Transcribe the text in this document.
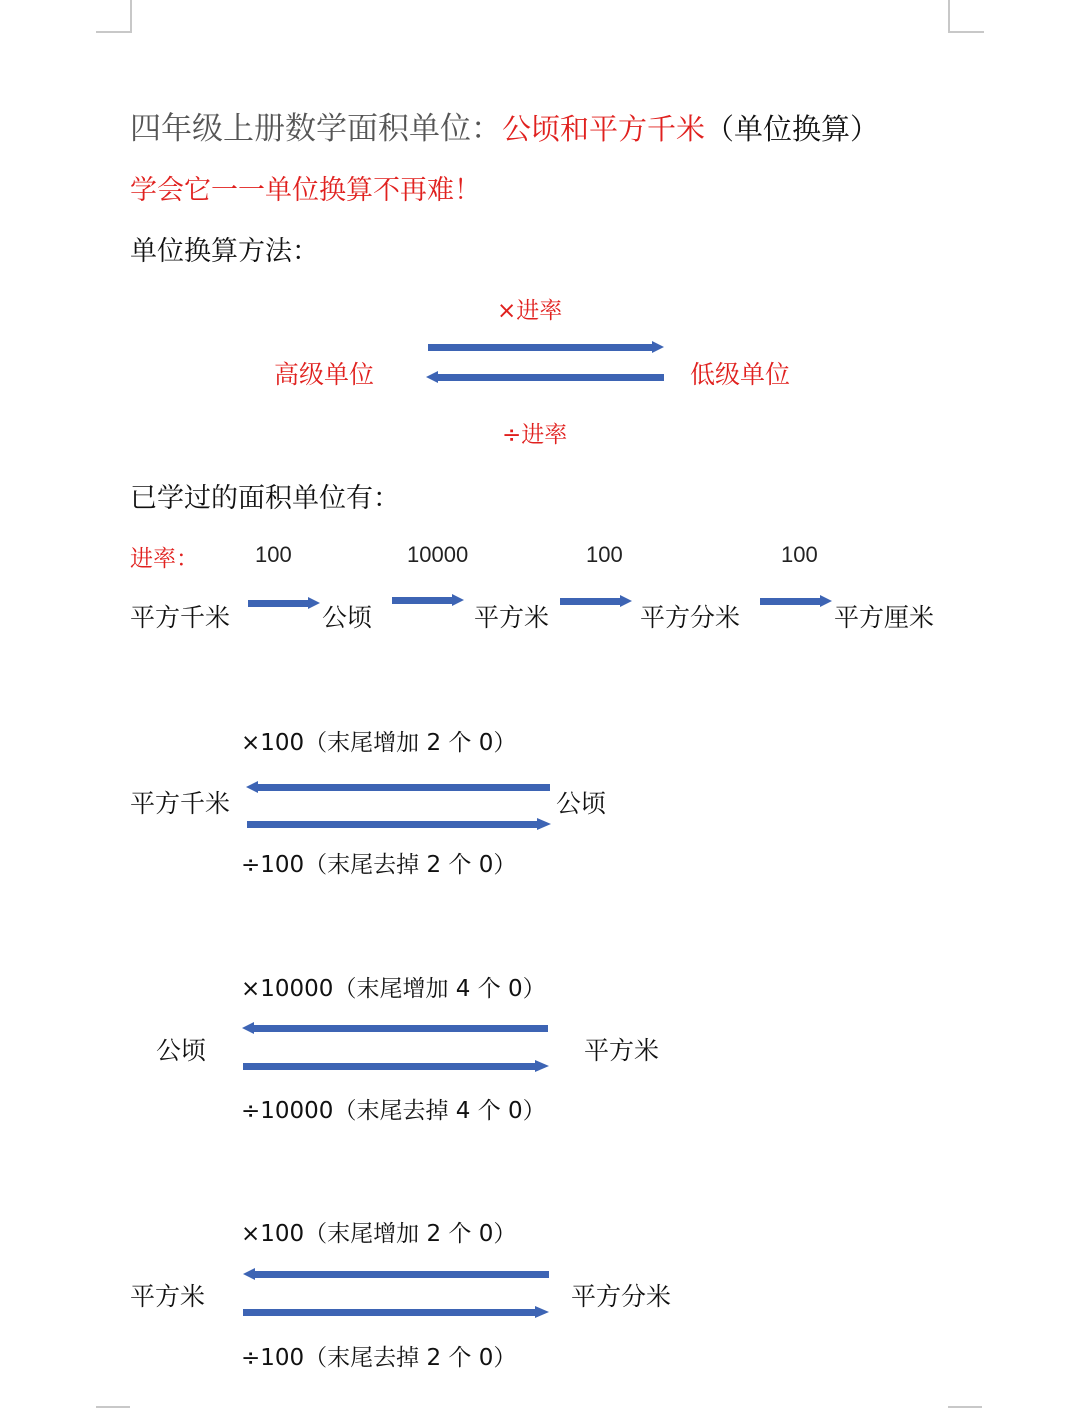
四年级上册数学面积单位：公顷和平方千米（单位换算）
学会它一一单位换算不再难！
单位换算方法：
×进率
高级单位	低级单位
÷进率
已学过的面积单位有：
进率：	100	10000	100	100
平方千米	公顷	平方米	平方分米	平方厘米
×100（末尾增加 2 个 0）
平方千米	公顷
÷100（末尾去掉 2 个 0）
×10000（末尾增加 4 个 0）
公顷	平方米
÷10000（末尾去掉 4 个 0）
×100（末尾增加 2 个 0）
平方米	平方分米
÷100（末尾去掉 2 个 0）
